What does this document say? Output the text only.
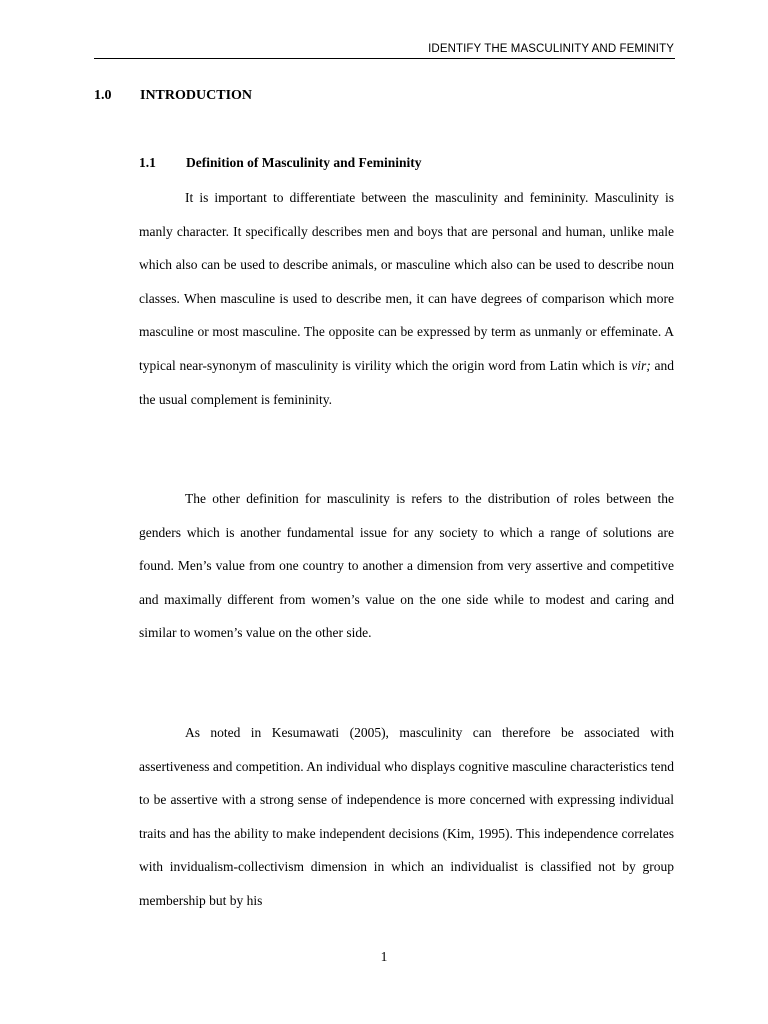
IDENTIFY THE MASCULINITY AND FEMINITY
1.0 INTRODUCTION
1.1 Definition of Masculinity and Femininity

It is important to differentiate between the masculinity and femininity. Masculinity is manly character. It specifically describes men and boys that are personal and human, unlike male which also can be used to describe animals, or masculine which also can be used to describe noun classes. When masculine is used to describe men, it can have degrees of comparison which more masculine or most masculine. The opposite can be expressed by term as unmanly or effeminate. A typical near-synonym of masculinity is virility which the origin word from Latin which is vir; and the usual complement is femininity.

The other definition for masculinity is refers to the distribution of roles between the genders which is another fundamental issue for any society to which a range of solutions are found. Men’s value from one country to another a dimension from very assertive and competitive and maximally different from women’s value on the one side while to modest and caring and similar to women’s value on the other side.

As noted in Kesumawati (2005), masculinity can therefore be associated with assertiveness and competition. An individual who displays cognitive masculine characteristics tend to be assertive with a strong sense of independence is more concerned with expressing individual traits and has the ability to make independent decisions (Kim, 1995). This independence correlates with invidualism-collectivism dimension in which an individualist is classified not by group membership but by his

1
